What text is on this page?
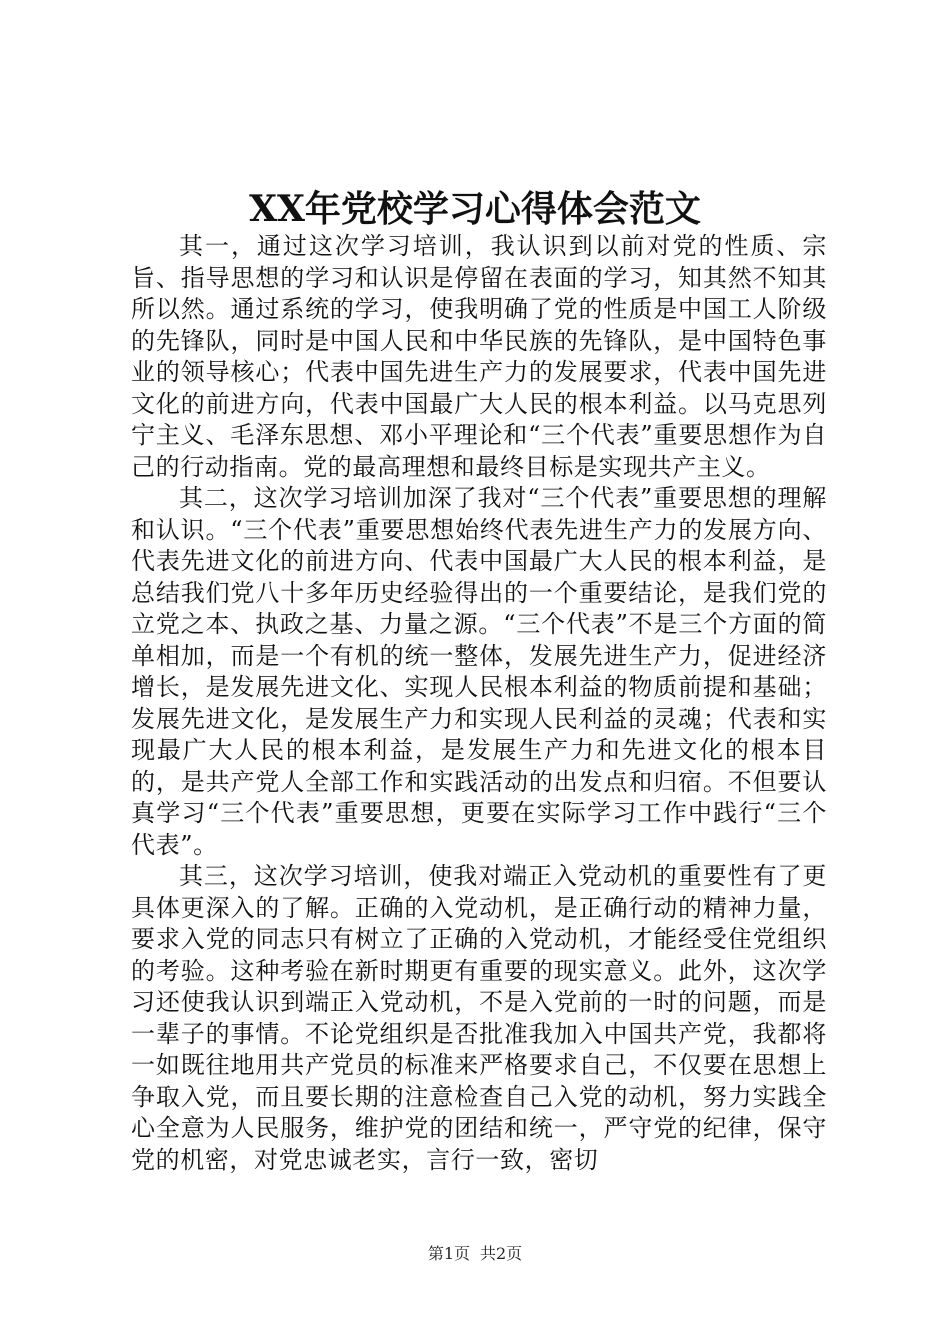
XX年党校学习心得体会范文

其一，通过这次学习培训，我认识到以前对党的性质、宗旨、指导思想的学习和认识是停留在表面的学习，知其然不知其所以然。通过系统的学习，使我明确了党的性质是中国工人阶级的先锋队，同时是中国人民和中华民族的先锋队，是中国特色事业的领导核心；代表中国先进生产力的发展要求，代表中国先进文化的前进方向，代表中国最广大人民的根本利益。以马克思列宁主义、毛泽东思想、邓小平理论和“三个代表”重要思想作为自己的行动指南。党的最高理想和最终目标是实现共产主义。

其二，这次学习培训加深了我对“三个代表”重要思想的理解和认识。“三个代表”重要思想始终代表先进生产力的发展方向、代表先进文化的前进方向、代表中国最广大人民的根本利益，是总结我们党八十多年历史经验得出的一个重要结论，是我们党的立党之本、执政之基、力量之源。“三个代表”不是三个方面的简单相加，而是一个有机的统一整体，发展先进生产力，促进经济增长，是发展先进文化、实现人民根本利益的物质前提和基础；发展先进文化，是发展生产力和实现人民利益的灵魂；代表和实现最广大人民的根本利益，是发展生产力和先进文化的根本目的，是共产党人全部工作和实践活动的出发点和归宿。不但要认真学习“三个代表”重要思想，更要在实际学习工作中践行“三个代表”。

其三，这次学习培训，使我对端正入党动机的重要性有了更具体更深入的了解。正确的入党动机，是正确行动的精神力量，要求入党的同志只有树立了正确的入党动机，才能经受住党组织的考验。这种考验在新时期更有重要的现实意义。此外，这次学习还使我认识到端正入党动机，不是入党前的一时的问题，而是一辈子的事情。不论党组织是否批准我加入中国共产党，我都将一如既往地用共产党员的标准来严格要求自己，不仅要在思想上争取入党，而且要长期的注意检查自己入党的动机，努力实践全心全意为人民服务，维护党的团结和统一，严守党的纪律，保守党的机密，对党忠诚老实，言行一致，密切

第1页 共2页
